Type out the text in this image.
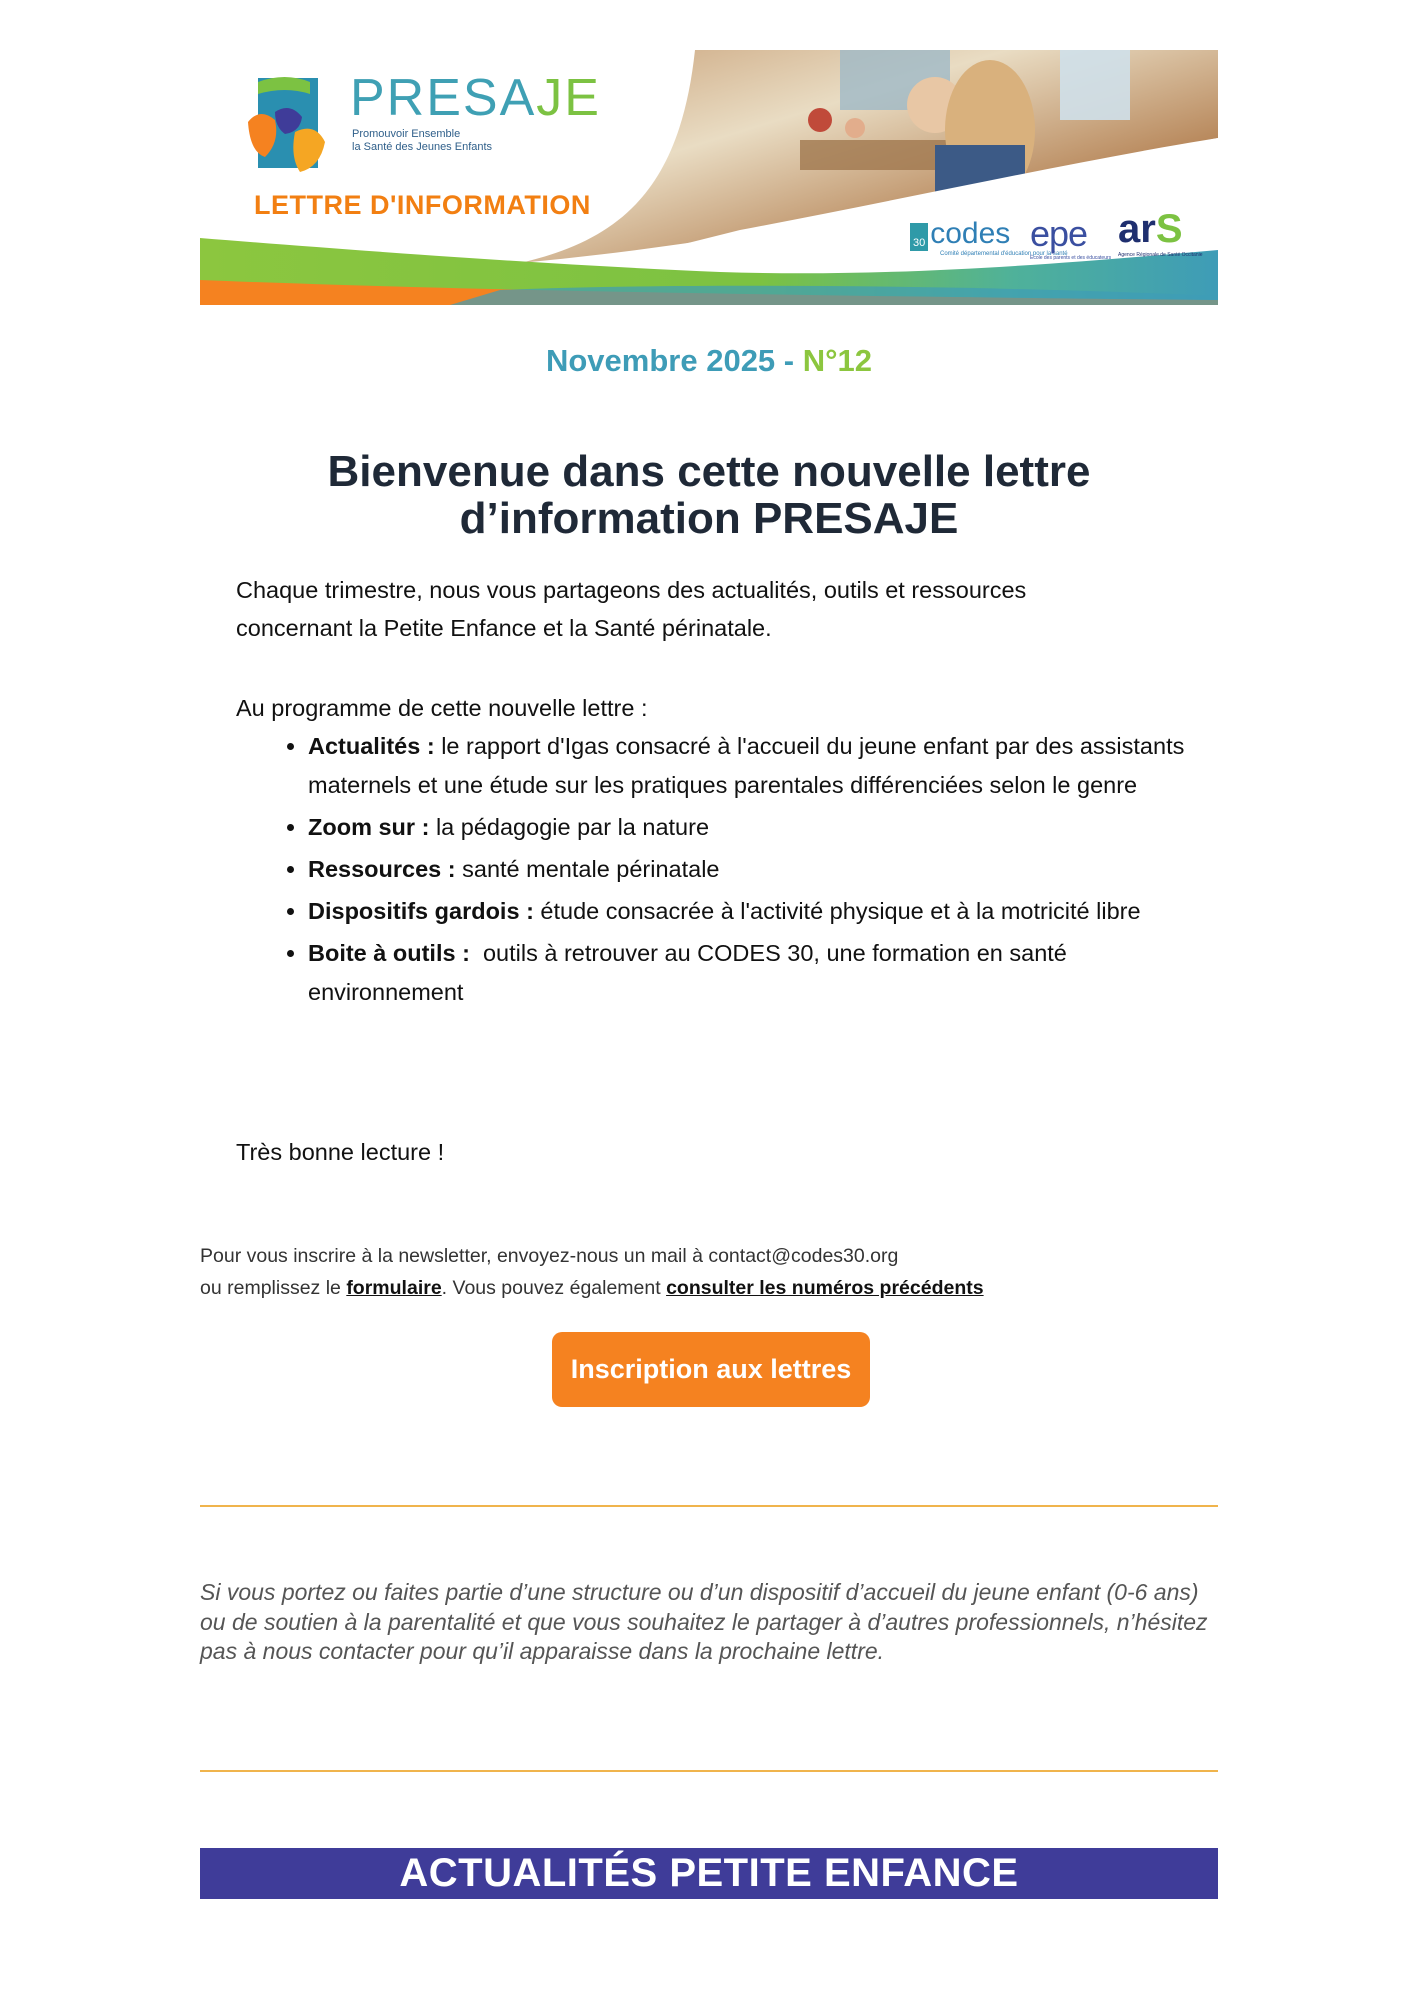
PRESAJE
Promouvoir Ensemble
la Santé des Jeunes Enfants
LETTRE D'INFORMATION
30 codes
Comité départemental d'éducation pour la santé
epe
École des parents et des éducateurs
arS
Agence Régionale de Santé Occitanie
Novembre 2025 - N°12
Bienvenue dans cette nouvelle lettre
d’information PRESAJE
Chaque trimestre, nous vous partageons des actualités, outils et ressources concernant la Petite Enfance et la Santé périnatale.
Au programme de cette nouvelle lettre :
• Actualités : le rapport d'Igas consacré à l'accueil du jeune enfant par des assistants maternels et une étude sur les pratiques parentales différenciées selon le genre
• Zoom sur : la pédagogie par la nature
• Ressources : santé mentale périnatale
• Dispositifs gardois : étude consacrée à l'activité physique et à la motricité libre
• Boite à outils :  outils à retrouver au CODES 30, une formation en santé environnement
Très bonne lecture !
Pour vous inscrire à la newsletter, envoyez-nous un mail à contact@codes30.org
ou remplissez le formulaire. Vous pouvez également consulter les numéros précédents
Inscription aux lettres
Si vous portez ou faites partie d’une structure ou d’un dispositif d’accueil du jeune enfant (0-6 ans) ou de soutien à la parentalité et que vous souhaitez le partager à d’autres professionnels, n’hésitez pas à nous contacter pour qu’il apparaisse dans la prochaine lettre.
ACTUALITÉS PETITE ENFANCE
